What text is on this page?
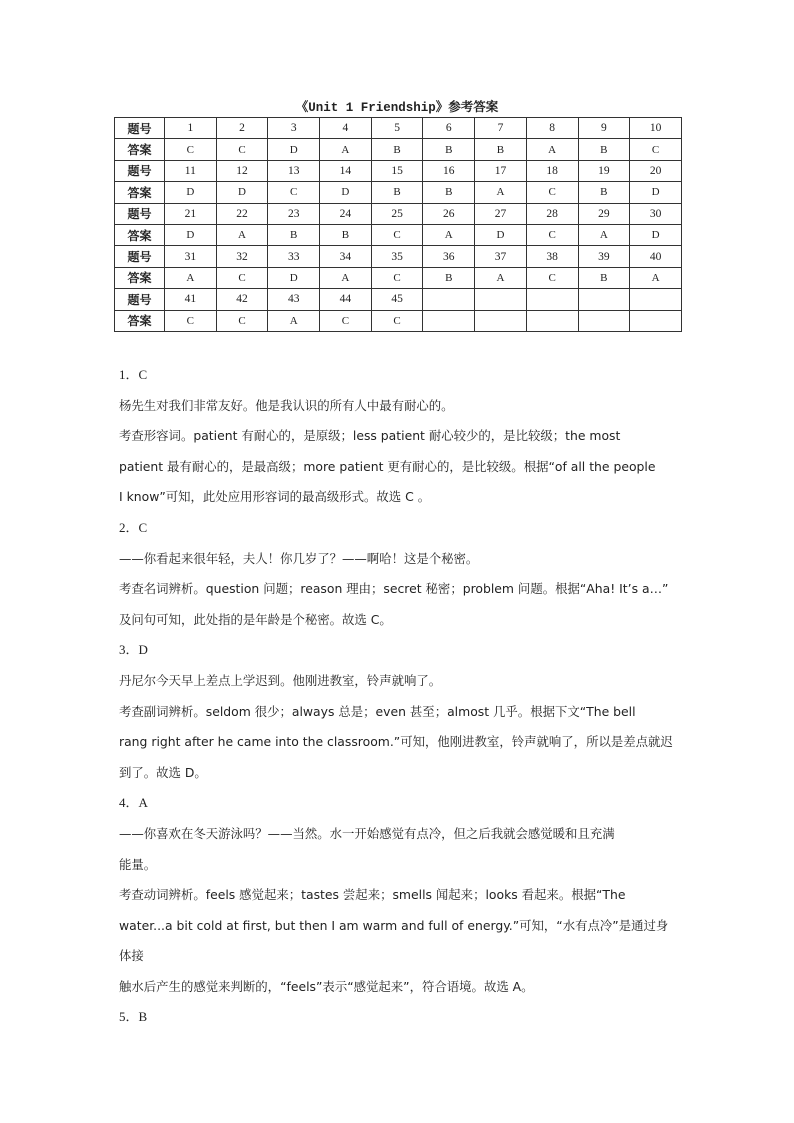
《Unit 1 Friendship》参考答案
题号	1	2	3	4	5	6	7	8	9	10
答案	C	C	D	A	B	B	B	A	B	C
题号	11	12	13	14	15	16	17	18	19	20
答案	D	D	C	D	B	B	A	C	B	D
题号	21	22	23	24	25	26	27	28	29	30
答案	D	A	B	B	C	A	D	C	A	D
题号	31	32	33	34	35	36	37	38	39	40
答案	A	C	D	A	C	B	A	C	B	A
题号	41	42	43	44	45					
答案	C	C	A	C	C					

1．C

杨先生对我们非常友好。他是我认识的所有人中最有耐心的。

考查形容词。patient 有耐心的，是原级；less patient 耐心较少的，是比较级；the most

patient 最有耐心的，是最高级；more patient 更有耐心的，是比较级。根据“of all the people

I know”可知，此处应用形容词的最高级形式。故选 C 。

2．C

——你看起来很年轻，夫人！你几岁了？——啊哈！这是个秘密。

考查名词辨析。question 问题；reason 理由；secret 秘密；problem 问题。根据“Aha! It’s a…”

及问句可知，此处指的是年龄是个秘密。故选 C。

3．D

丹尼尔今天早上差点上学迟到。他刚进教室，铃声就响了。

考查副词辨析。seldom 很少；always 总是；even 甚至；almost 几乎。根据下文“The bell

rang right after he came into the classroom.”可知，他刚进教室，铃声就响了，所以是差点就迟

到了。故选 D。

4．A

——你喜欢在冬天游泳吗？——当然。水一开始感觉有点冷，但之后我就会感觉暖和且充满

能量。

考查动词辨析。feels 感觉起来；tastes 尝起来；smells 闻起来；looks 看起来。根据“The

water...a bit cold at first, but then I am warm and full of energy.”可知，“水有点冷”是通过身体接

触水后产生的感觉来判断的，“feels”表示“感觉起来”，符合语境。故选 A。

5．B
